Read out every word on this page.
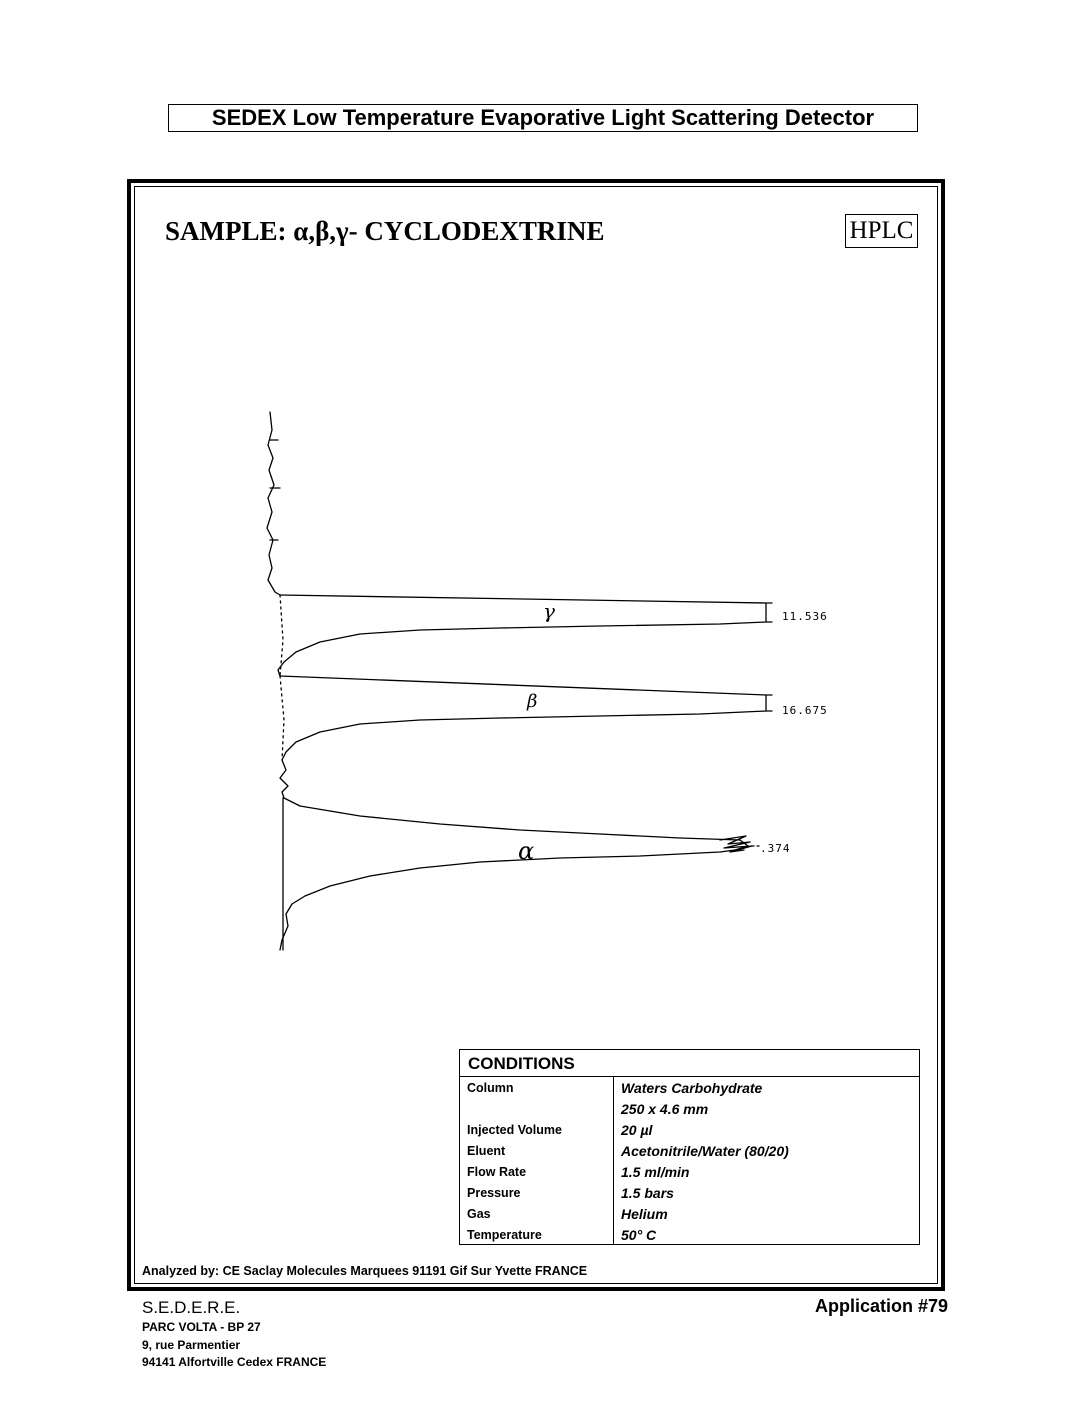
SEDEX Low Temperature Evaporative Light Scattering Detector
SAMPLE: α,β,γ- CYCLODEXTRINE	HPLC
γ
β
α
11.536
16.675
.374
CONDITIONS
Column	Waters Carbohydrate
250 x 4.6 mm
Injected Volume	20 µl
Eluent	Acetonitrile/Water (80/20)
Flow Rate	1.5 ml/min
Pressure	1.5 bars
Gas	Helium
Temperature	50° C
Analyzed by: CE Saclay Molecules Marquees 91191 Gif Sur Yvette FRANCE
S.E.D.E.R.E.
PARC VOLTA - BP 27
9, rue Parmentier
94141 Alfortville Cedex FRANCE
Application #79
